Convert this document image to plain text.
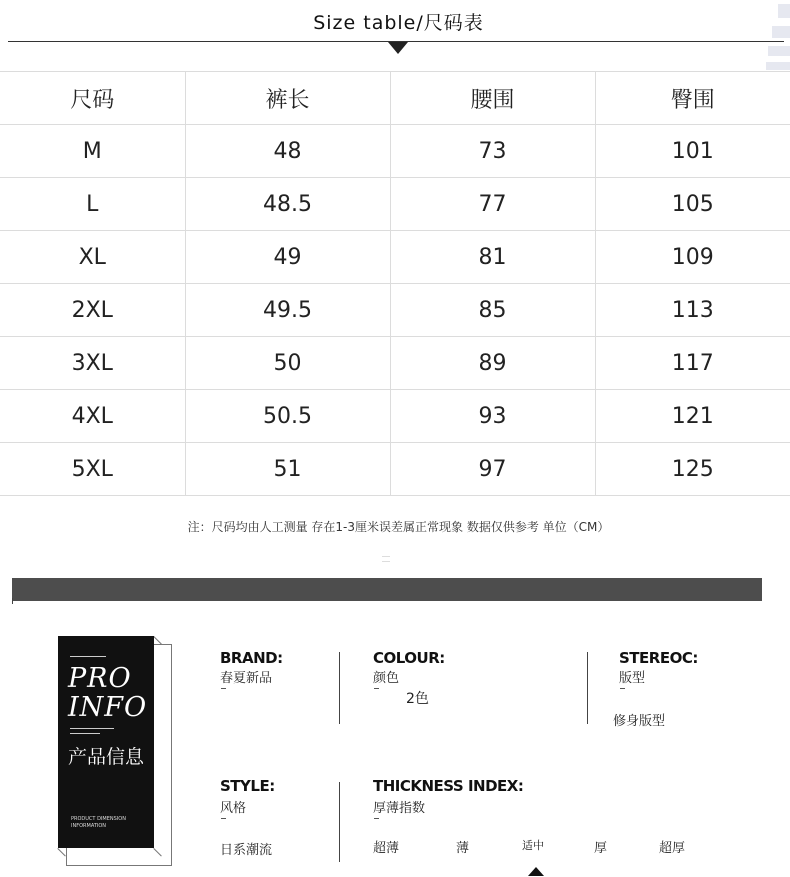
Size table/尺码表
尺码	裤长	腰围	臀围
M	48	73	101
L	48.5	77	105
XL	49	81	109
2XL	49.5	85	113
3XL	50	89	117
4XL	50.5	93	121
5XL	51	97	125
注：尺码均由人工测量 存在1-3厘米误差属正常现象 数据仅供参考 单位（CM）
PRO
INFO
产品信息
PRODUCT DIMENSION
INFORMATION
BRAND:
春夏新品
COLOUR:
颜色
2色
STEREOC:
版型
修身版型
STYLE:
风格
日系潮流
THICKNESS INDEX:
厚薄指数
超薄	薄	适中	厚	超厚
